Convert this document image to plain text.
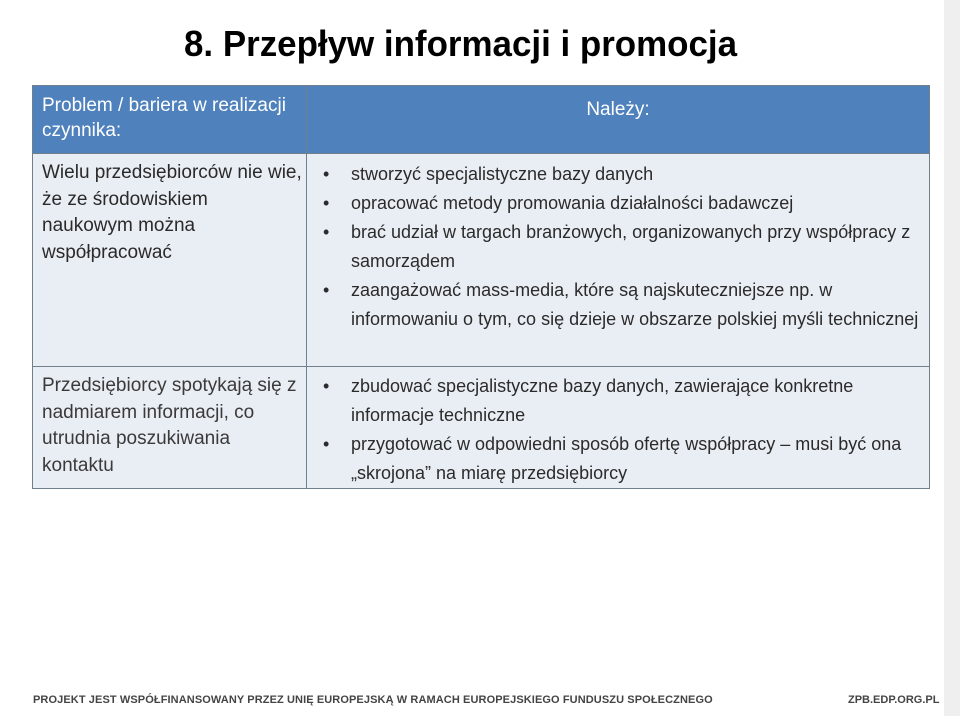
8. Przepływ informacji i promocja
Problem / bariera w realizacji czynnika:
Należy:
Wielu przedsiębiorców nie wie, że ze środowiskiem naukowym można współpracować
• stworzyć specjalistyczne bazy danych
• opracować metody promowania działalności badawczej
• brać udział w targach branżowych, organizowanych przy współpracy z samorządem
• zaangażować mass-media, które są najskuteczniejsze np. w informowaniu o tym, co się dzieje w obszarze polskiej myśli technicznej
Przedsiębiorcy spotykają się z nadmiarem informacji, co utrudnia poszukiwania kontaktu
• zbudować specjalistyczne bazy danych, zawierające konkretne informacje techniczne
• przygotować w odpowiedni sposób ofertę współpracy – musi być ona „skrojona” na miarę przedsiębiorcy
PROJEKT JEST WSPÓŁFINANSOWANY PRZEZ UNIĘ EUROPEJSKĄ W RAMACH EUROPEJSKIEGO FUNDUSZU SPOŁECZNEGO	ZPB.EDP.ORG.PL
